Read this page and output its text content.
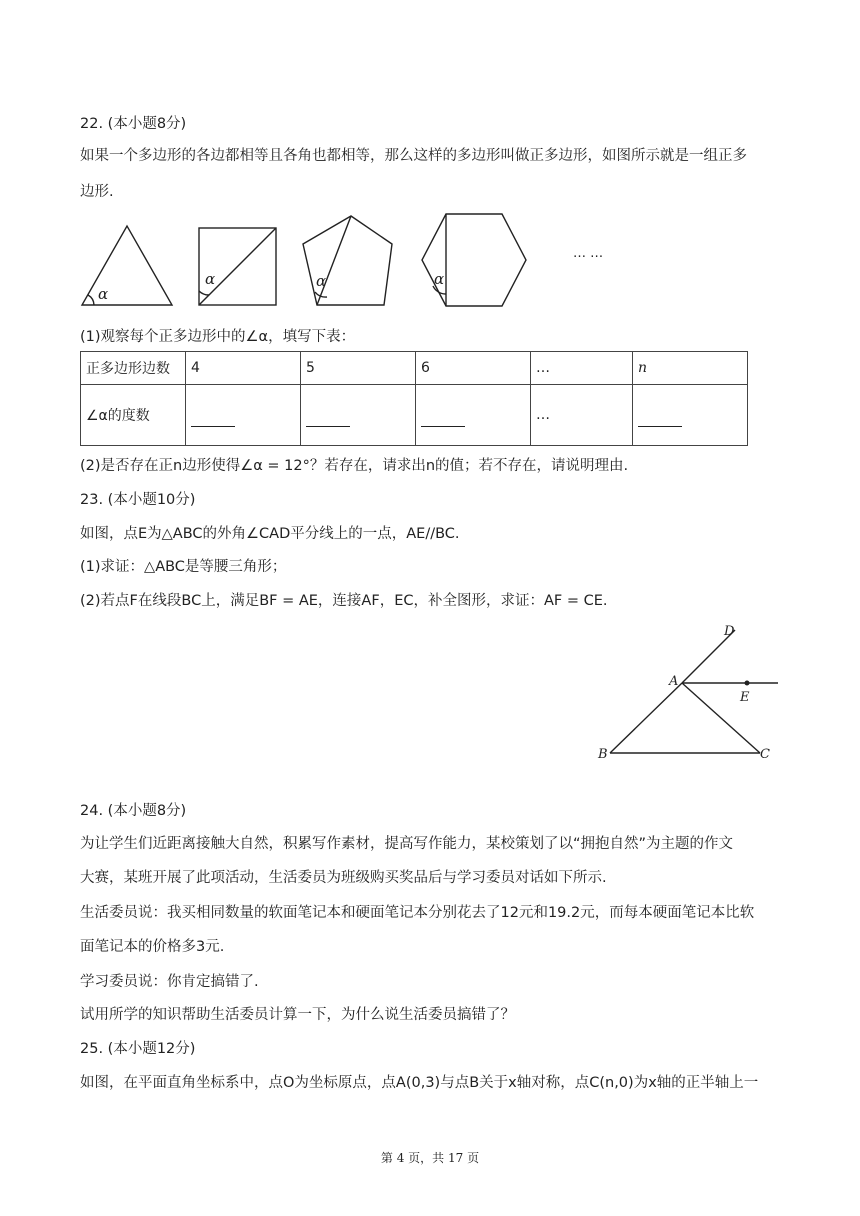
22. (本小题8分)
如果一个多边形的各边都相等且各角也都相等，那么这样的多边形叫做正多边形，如图所示就是一组正多
边形.
α
α	α	α
… …
(1)观察每个正多边形中的∠α，填写下表：
正多边形边数	4	5	6	…	n
∠α的度数				…	
(2)是否存在正n边形使得∠α = 12°？若存在，请求出n的值；若不存在，请说明理由.
23. (本小题10分)
如图，点E为△ABC的外角∠CAD平分线上的一点，AE//BC.
(1)求证：△ABC是等腰三角形；
(2)若点F在线段BC上，满足BF = AE，连接AF，EC，补全图形，求证：AF = CE.
D
A
E
B	C
24. (本小题8分)
为让学生们近距离接触大自然，积累写作素材，提高写作能力，某校策划了以“拥抱自然”为主题的作文
大赛，某班开展了此项活动，生活委员为班级购买奖品后与学习委员对话如下所示.
生活委员说：我买相同数量的软面笔记本和硬面笔记本分别花去了12元和19.2元，而每本硬面笔记本比软
面笔记本的价格多3元.
学习委员说：你肯定搞错了.
试用所学的知识帮助生活委员计算一下，为什么说生活委员搞错了？
25. (本小题12分)
如图，在平面直角坐标系中，点O为坐标原点，点A(0,3)与点B关于x轴对称，点C(n,0)为x轴的正半轴上一
第 4 页，共 17 页
